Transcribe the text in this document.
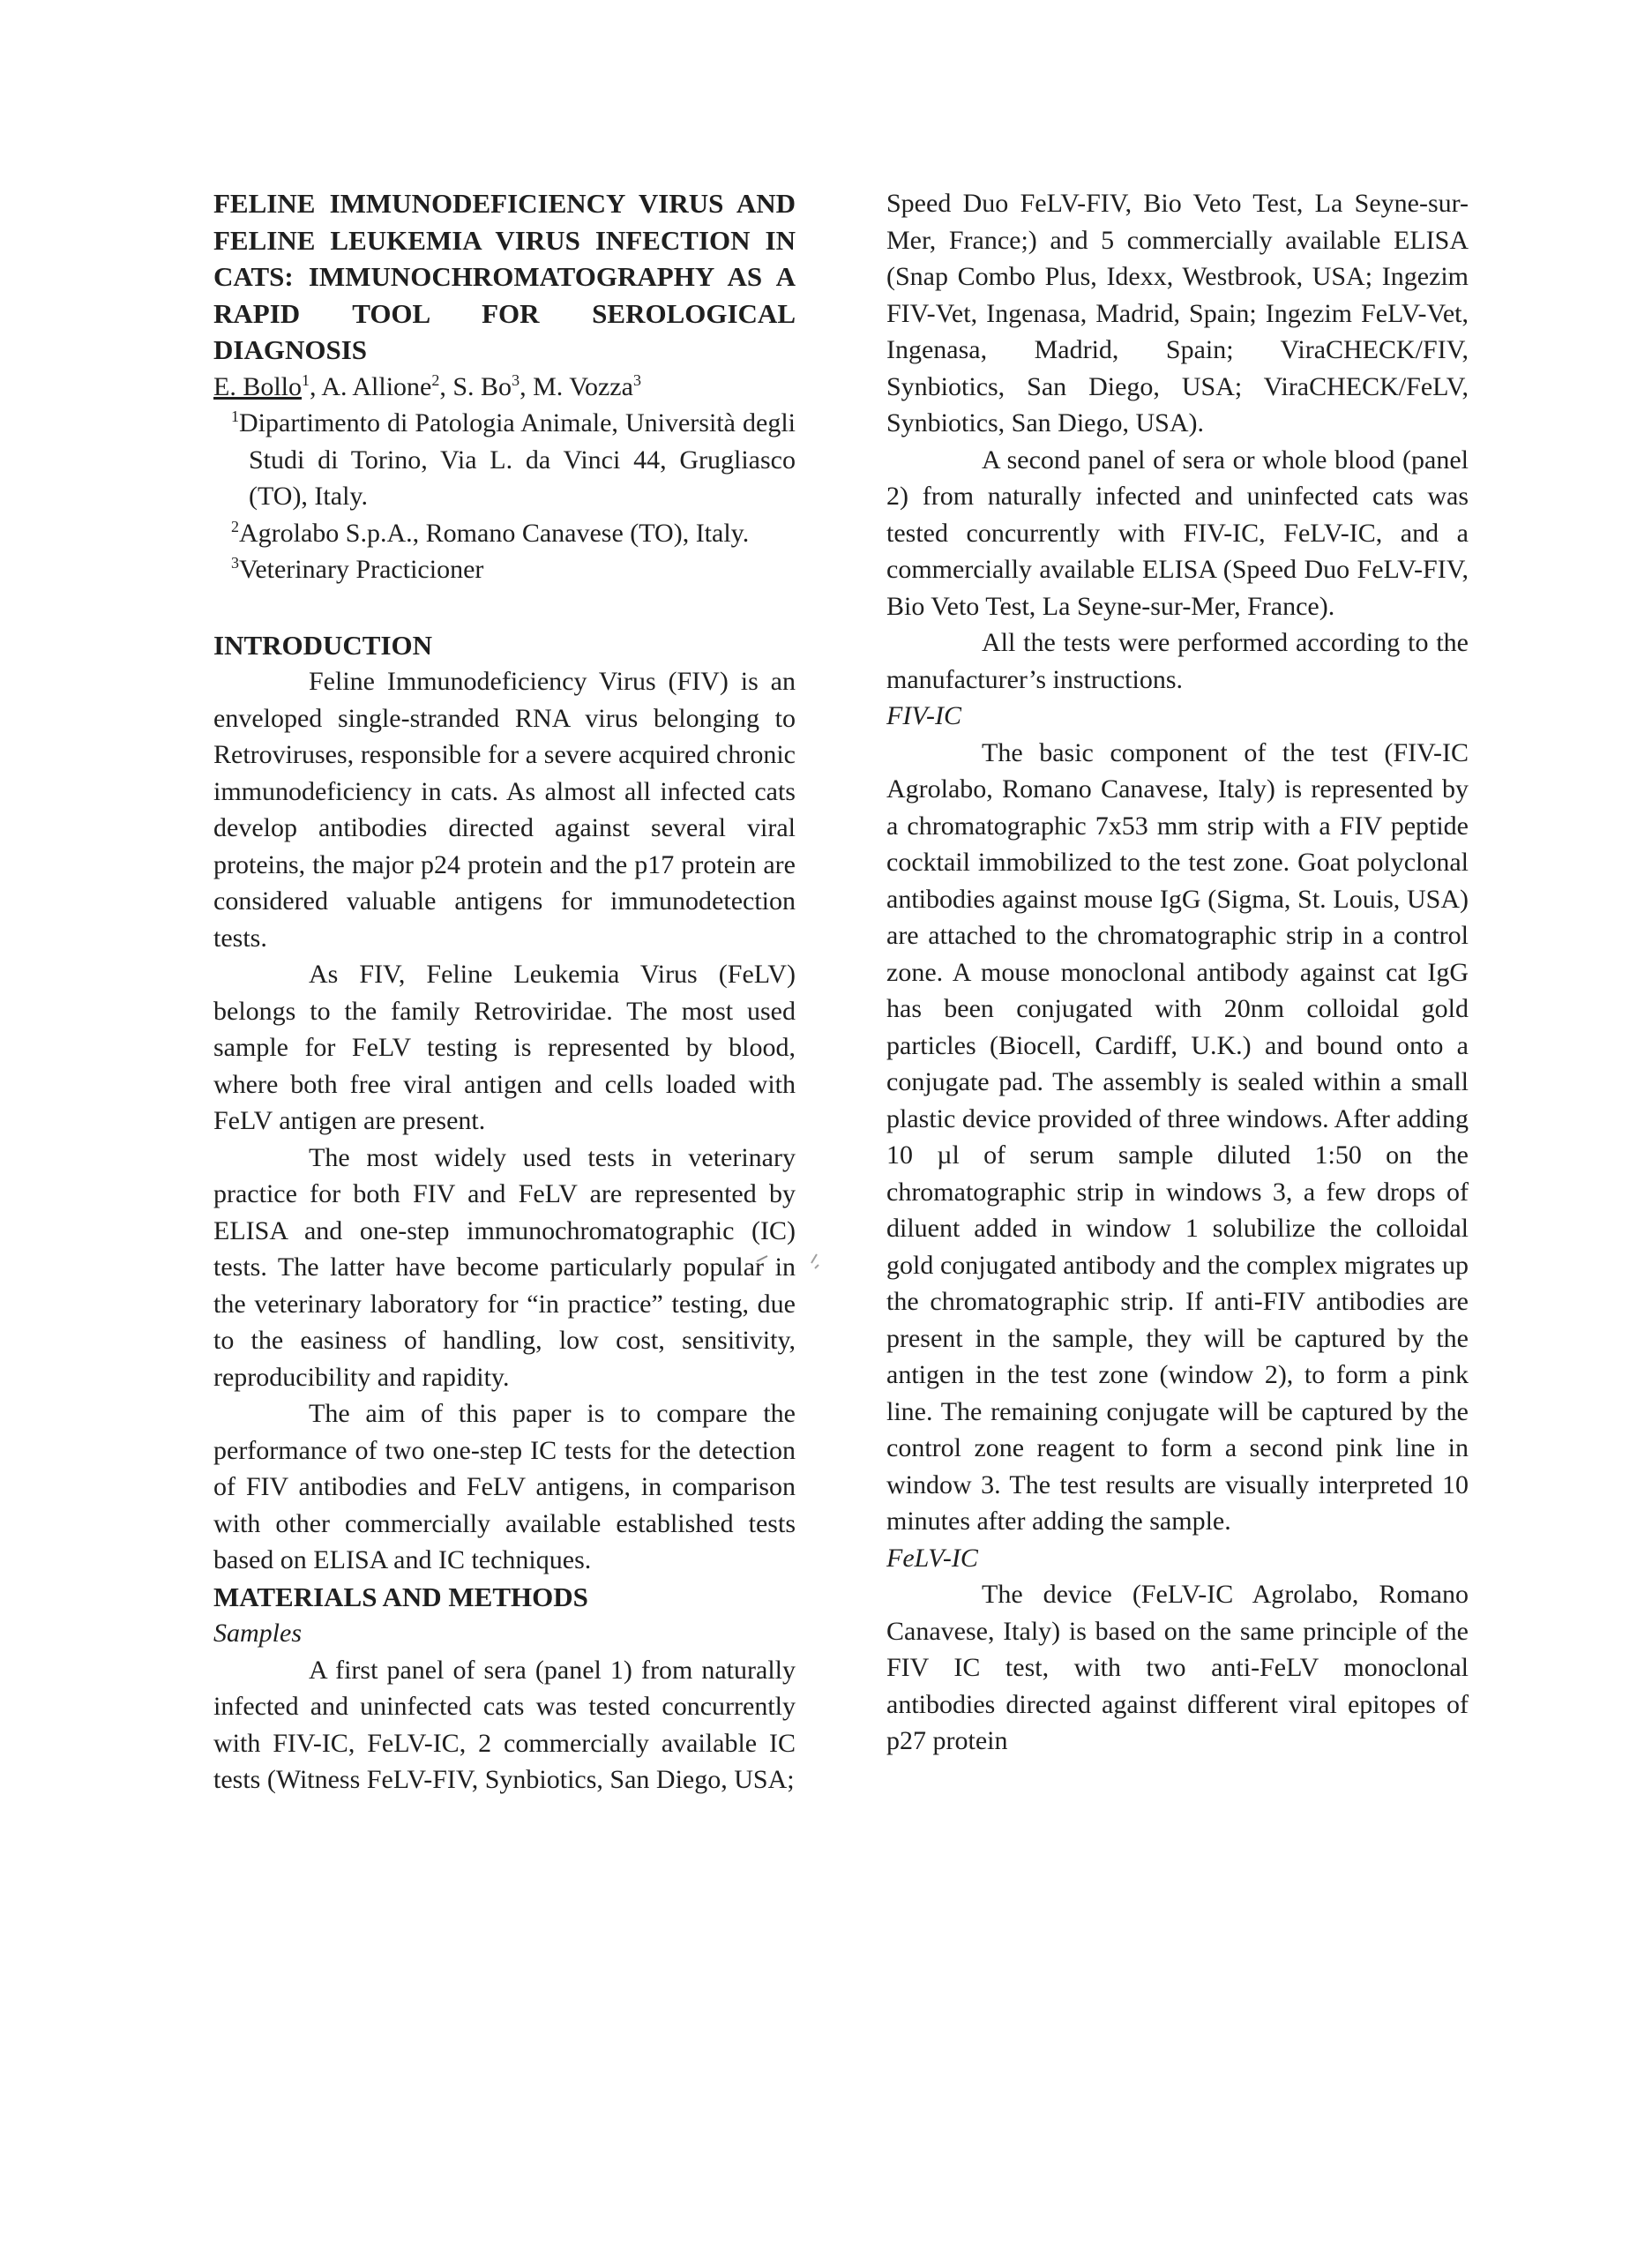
FELINE IMMUNODEFICIENCY VIRUS AND FELINE LEUKEMIA VIRUS INFECTION IN CATS: IMMUNOCHROMATOGRAPHY AS A RAPID TOOL FOR SEROLOGICAL DIAGNOSIS

E. Bollo$^1$, A. Allione$^2$, S. Bo$^3$, M. Vozza$^3$

$^1$Dipartimento di Patologia Animale, Università degli Studi di Torino, Via L. da Vinci 44, Grugliasco (TO), Italy.

$^2$Agrolabo S.p.A., Romano Canavese (TO), Italy.

$^3$Veterinary Practicioner

INTRODUCTION

Feline Immunodeficiency Virus (FIV) is an enveloped single-stranded RNA virus belonging to Retroviruses, responsible for a severe acquired chronic immunodeficiency in cats. As almost all infected cats develop antibodies directed against several viral proteins, the major p24 protein and the p17 protein are considered valuable antigens for immunodetection tests.

As FIV, Feline Leukemia Virus (FeLV) belongs to the family Retroviridae. The most used sample for FeLV testing is represented by blood, where both free viral antigen and cells loaded with FeLV antigen are present.

The most widely used tests in veterinary practice for both FIV and FeLV are represented by ELISA and one-step immunochromatographic (IC) tests. The latter have become particularly popular in the veterinary laboratory for “in practice” testing, due to the easiness of handling, low cost, sensitivity, reproducibility and rapidity.

The aim of this paper is to compare the performance of two one-step IC tests for the detection of FIV antibodies and FeLV antigens, in comparison with other commercially available established tests based on ELISA and IC techniques.

MATERIALS AND METHODS

Samples

A first panel of sera (panel 1) from naturally infected and uninfected cats was tested concurrently with FIV-IC, FeLV-IC, 2 commercially available IC tests (Witness FeLV-FIV, Synbiotics, San Diego, USA;

Speed Duo FeLV-FIV, Bio Veto Test, La Seyne-sur-Mer, France;) and 5 commercially available ELISA (Snap Combo Plus, Idexx, Westbrook, USA; Ingezim FIV-Vet, Ingenasa, Madrid, Spain; Ingezim FeLV-Vet, Ingenasa, Madrid, Spain; ViraCHECK/FIV, Synbiotics, San Diego, USA; ViraCHECK/FeLV, Synbiotics, San Diego, USA).

A second panel of sera or whole blood (panel 2) from naturally infected and uninfected cats was tested concurrently with FIV-IC, FeLV-IC, and a commercially available ELISA (Speed Duo FeLV-FIV, Bio Veto Test, La Seyne-sur-Mer, France).

All the tests were performed according to the manufacturer’s instructions.

FIV-IC

The basic component of the test (FIV-IC Agrolabo, Romano Canavese, Italy) is represented by a chromatographic 7x53 mm strip with a FIV peptide cocktail immobilized to the test zone. Goat polyclonal antibodies against mouse IgG (Sigma, St. Louis, USA) are attached to the chromatographic strip in a control zone. A mouse monoclonal antibody against cat IgG has been conjugated with 20nm colloidal gold particles (Biocell, Cardiff, U.K.) and bound onto a conjugate pad. The assembly is sealed within a small plastic device provided of three windows. After adding 10 µl of serum sample diluted 1:50 on the chromatographic strip in windows 3, a few drops of diluent added in window 1 solubilize the colloidal gold conjugated antibody and the complex migrates up the chromatographic strip. If anti-FIV antibodies are present in the sample, they will be captured by the antigen in the test zone (window 2), to form a pink line. The remaining conjugate will be captured by the control zone reagent to form a second pink line in window 3. The test results are visually interpreted 10 minutes after adding the sample.

FeLV-IC

The device (FeLV-IC Agrolabo, Romano Canavese, Italy) is based on the same principle of the FIV IC test, with two anti-FeLV monoclonal antibodies directed against different viral epitopes of p27 protein
